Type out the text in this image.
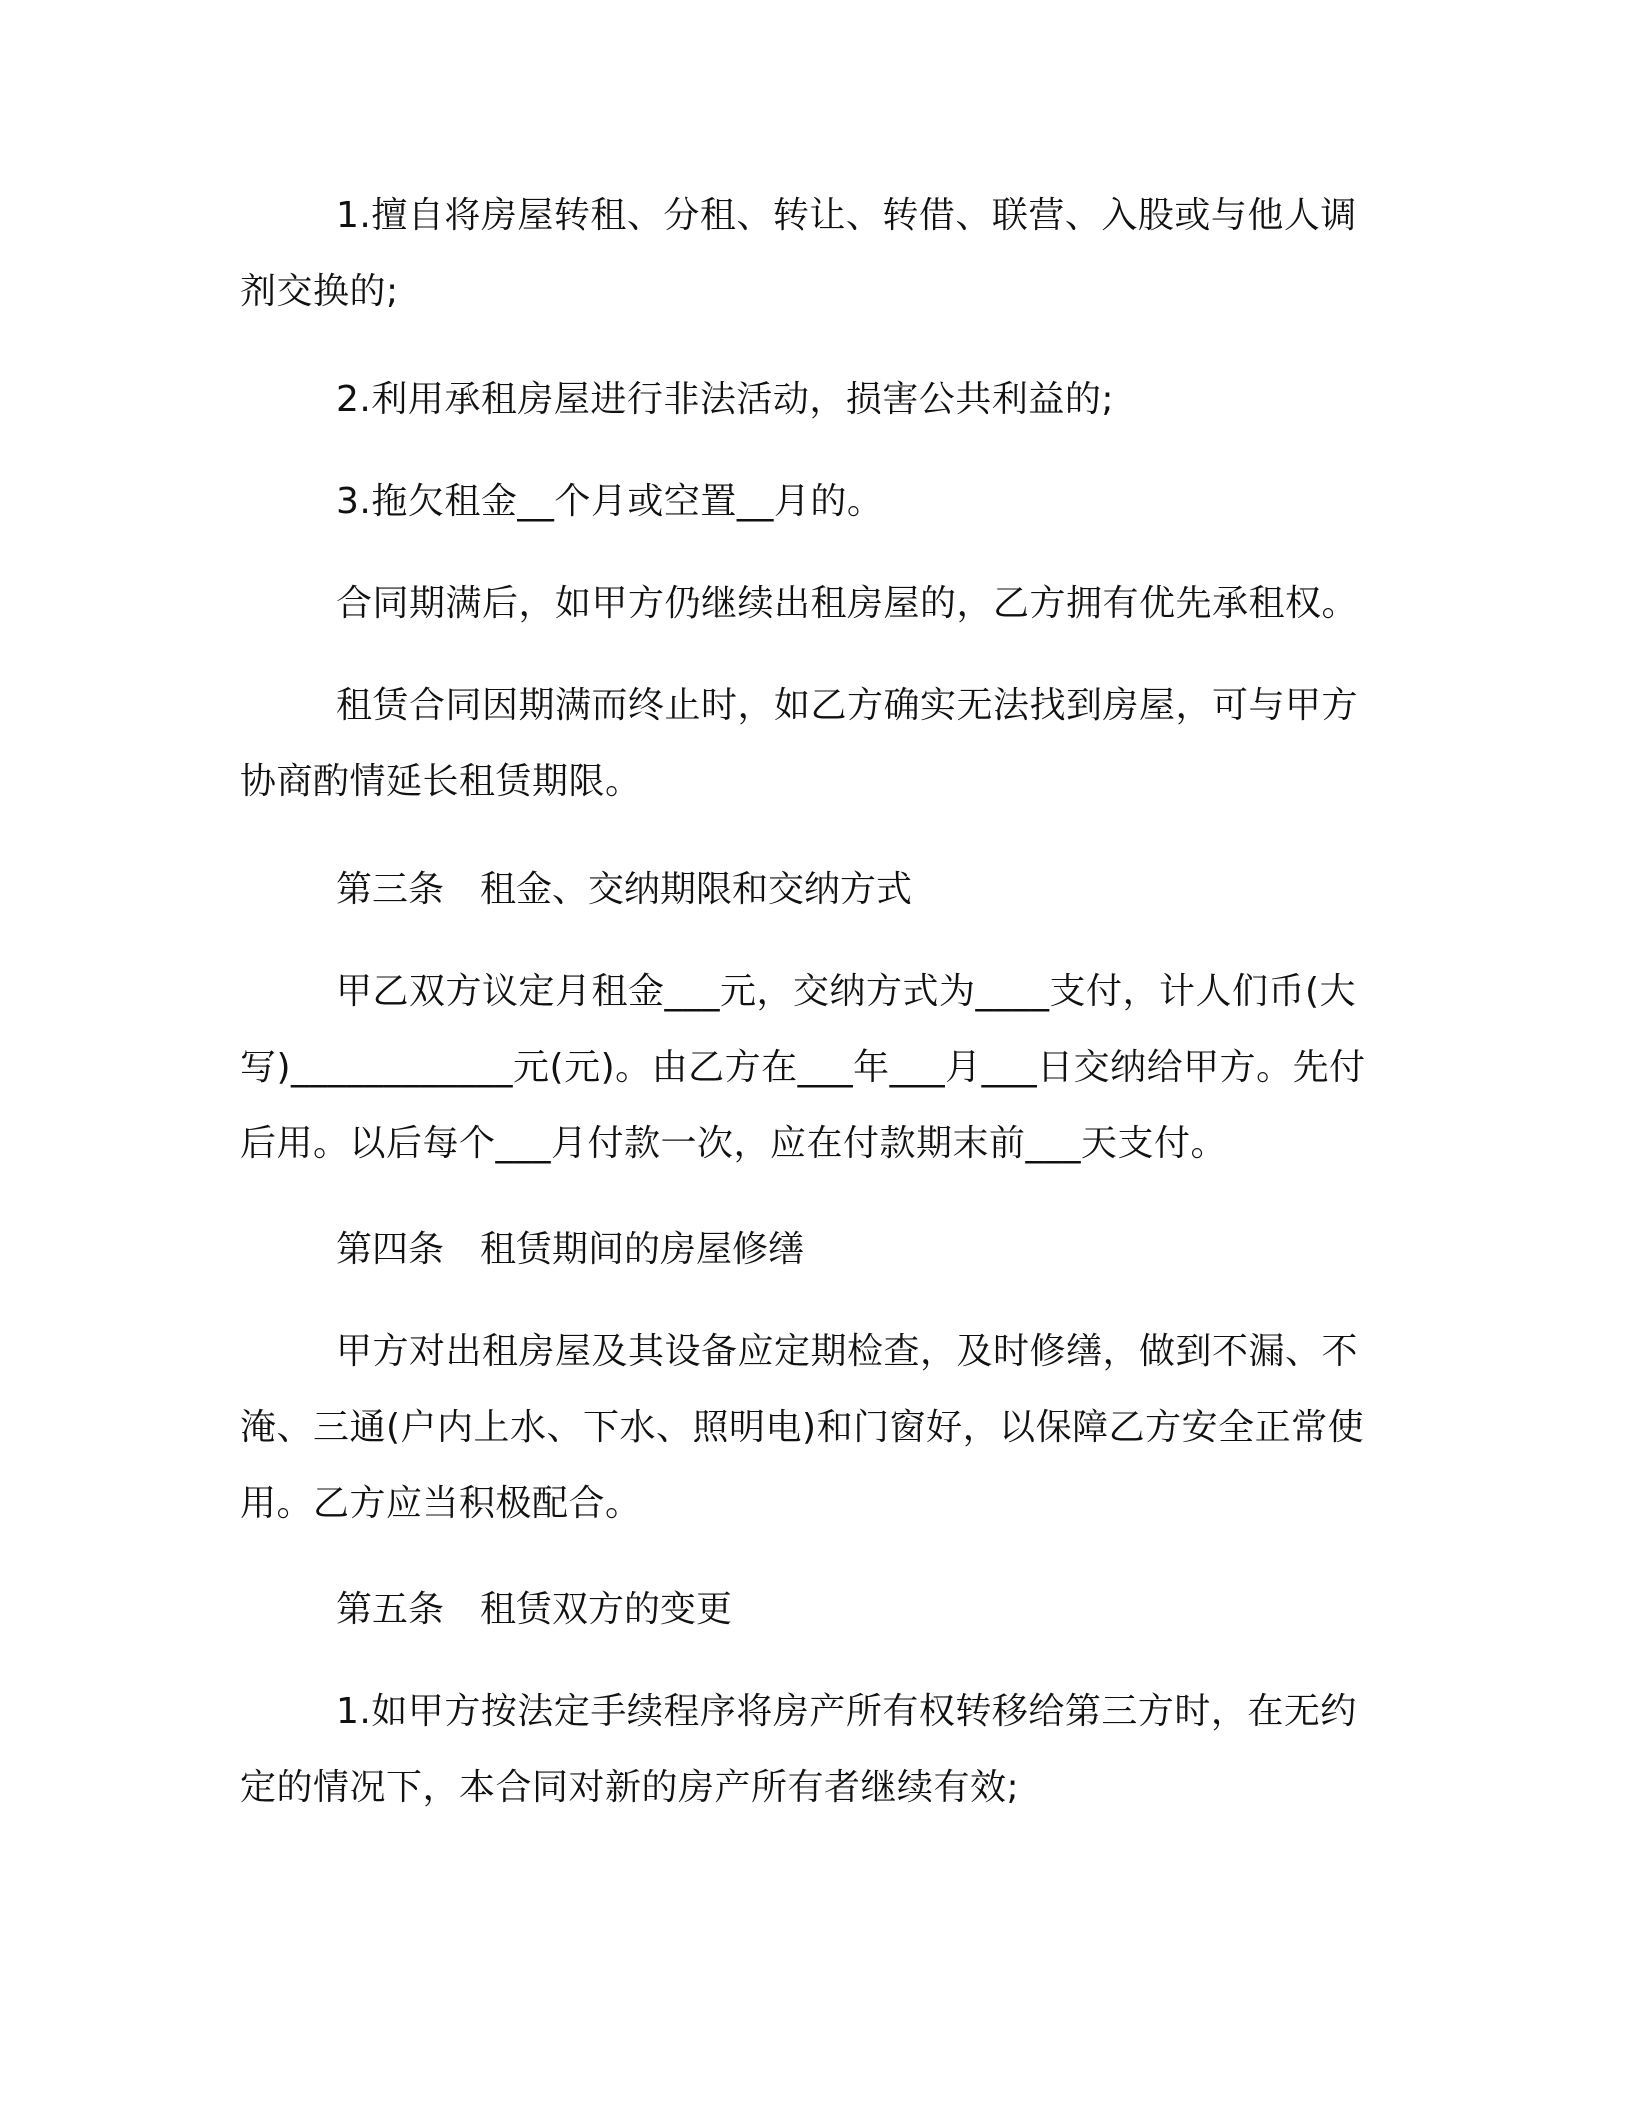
1.擅自将房屋转租、分租、转让、转借、联营、入股或与他人调剂交换的;
2.利用承租房屋进行非法活动，损害公共利益的;
3.拖欠租金__个月或空置__月的。
合同期满后，如甲方仍继续出租房屋的，乙方拥有优先承租权。
租赁合同因期满而终止时，如乙方确实无法找到房屋，可与甲方协商酌情延长租赁期限。
第三条　租金、交纳期限和交纳方式
甲乙双方议定月租金___元，交纳方式为____支付，计人们币(大写)____________元(元)。由乙方在___年___月___日交纳给甲方。先付后用。以后每个___月付款一次，应在付款期末前___天支付。
第四条　租赁期间的房屋修缮
甲方对出租房屋及其设备应定期检查，及时修缮，做到不漏、不淹、三通(户内上水、下水、照明电)和门窗好，以保障乙方安全正常使用。乙方应当积极配合。
第五条　租赁双方的变更
1.如甲方按法定手续程序将房产所有权转移给第三方时，在无约定的情况下，本合同对新的房产所有者继续有效;
